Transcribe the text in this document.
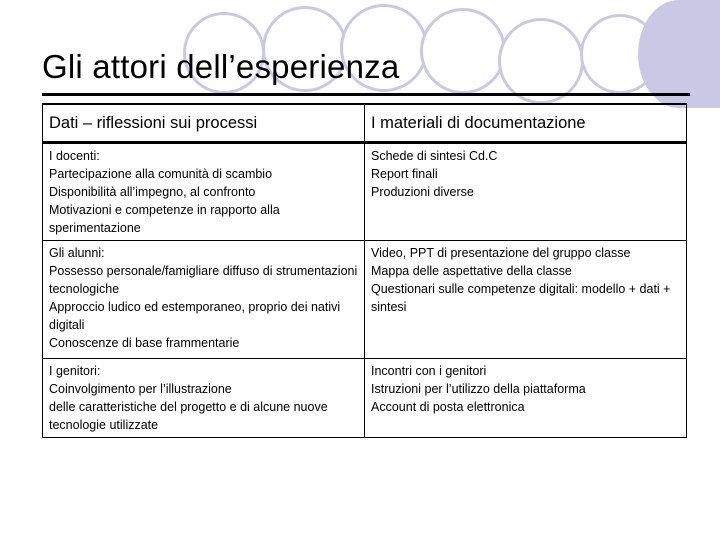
Gli attori dell’esperienza
Dati – riflessioni sui processi	I materiali di documentazione

I docenti:
Partecipazione alla comunità di scambio
Disponibilità all’impegno, al confronto
Motivazioni e competenze in rapporto alla sperimentazione	Schede di sintesi Cd.C
Report finali
Produzioni diverse

Gli alunni:
Possesso personale/famigliare diffuso di strumentazioni tecnologiche
Approccio ludico ed estemporaneo, proprio dei nativi digitali
Conoscenze di base frammentarie	Video, PPT di presentazione del gruppo classe
Mappa delle aspettative della classe
Questionari sulle competenze digitali: modello + dati + sintesi

I genitori:
Coinvolgimento per l’illustrazione
delle caratteristiche del progetto e di alcune nuove tecnologie utilizzate	Incontri con i genitori
Istruzioni per l’utilizzo della piattaforma
Account di posta elettronica
